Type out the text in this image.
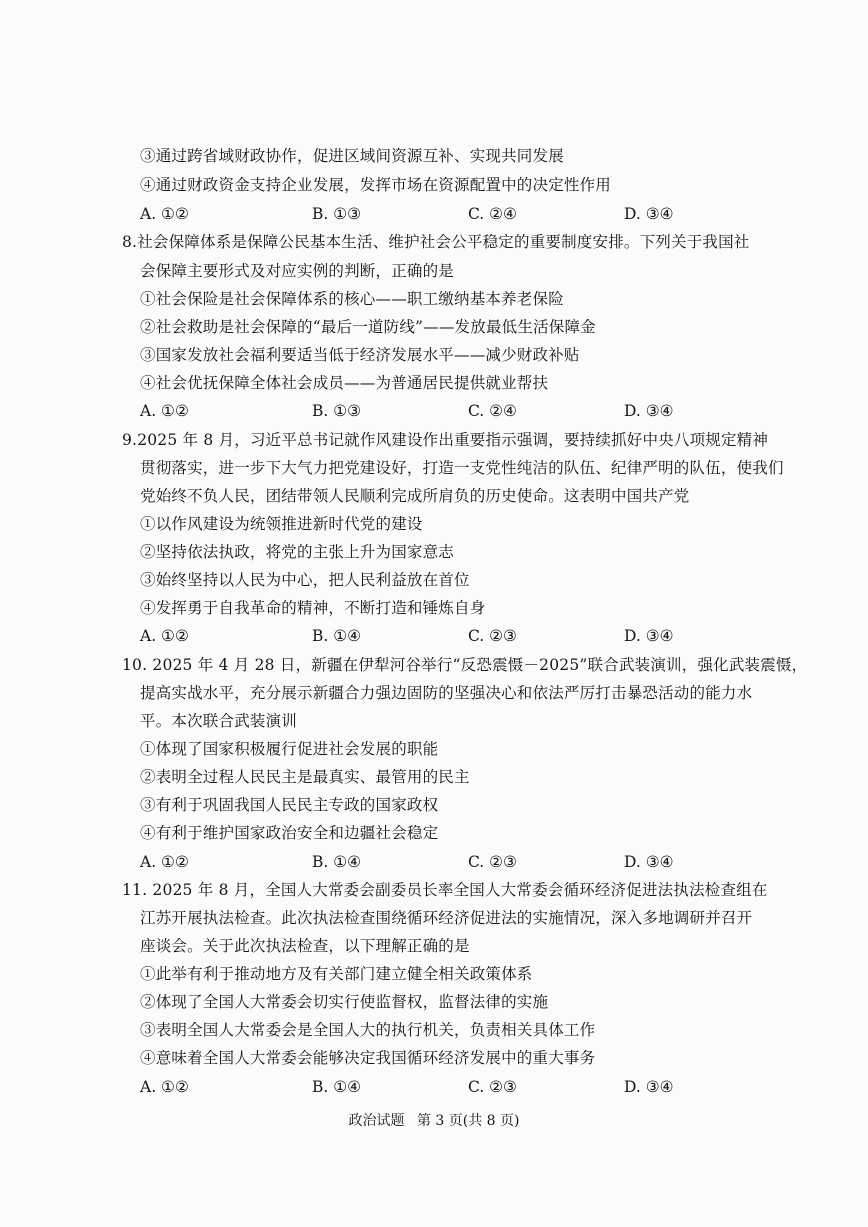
③通过跨省域财政协作，促进区域间资源互补、实现共同发展
④通过财政资金支持企业发展，发挥市场在资源配置中的决定性作用
A. ①②	B. ①③	C. ②④	D. ③④
8.社会保障体系是保障公民基本生活、维护社会公平稳定的重要制度安排。下列关于我国社
会保障主要形式及对应实例的判断，正确的是
①社会保险是社会保障体系的核心——职工缴纳基本养老保险
②社会救助是社会保障的“最后一道防线”——发放最低生活保障金
③国家发放社会福利要适当低于经济发展水平——减少财政补贴
④社会优抚保障全体社会成员——为普通居民提供就业帮扶
A. ①②	B. ①③	C. ②④	D. ③④
9.2025 年 8 月，习近平总书记就作风建设作出重要指示强调，要持续抓好中央八项规定精神
贯彻落实，进一步下大气力把党建设好，打造一支党性纯洁的队伍、纪律严明的队伍，使我们
党始终不负人民，团结带领人民顺利完成所肩负的历史使命。这表明中国共产党
①以作风建设为统领推进新时代党的建设
②坚持依法执政，将党的主张上升为国家意志
③始终坚持以人民为中心，把人民利益放在首位
④发挥勇于自我革命的精神，不断打造和锤炼自身
A. ①②	B. ①④	C. ②③	D. ③④
10. 2025 年 4 月 28 日，新疆在伊犁河谷举行“反恐震慑－2025”联合武装演训，强化武装震慑，
提高实战水平，充分展示新疆合力强边固防的坚强决心和依法严厉打击暴恐活动的能力水
平。本次联合武装演训
①体现了国家积极履行促进社会发展的职能
②表明全过程人民民主是最真实、最管用的民主
③有利于巩固我国人民民主专政的国家政权
④有利于维护国家政治安全和边疆社会稳定
A. ①②	B. ①④	C. ②③	D. ③④
11. 2025 年 8 月，全国人大常委会副委员长率全国人大常委会循环经济促进法执法检查组在
江苏开展执法检查。此次执法检查围绕循环经济促进法的实施情况，深入多地调研并召开
座谈会。关于此次执法检查，以下理解正确的是
①此举有利于推动地方及有关部门建立健全相关政策体系
②体现了全国人大常委会切实行使监督权，监督法律的实施
③表明全国人大常委会是全国人大的执行机关，负责相关具体工作
④意味着全国人大常委会能够决定我国循环经济发展中的重大事务
A. ①②	B. ①④	C. ②③	D. ③④
政治试题 第 3 页(共 8 页)
